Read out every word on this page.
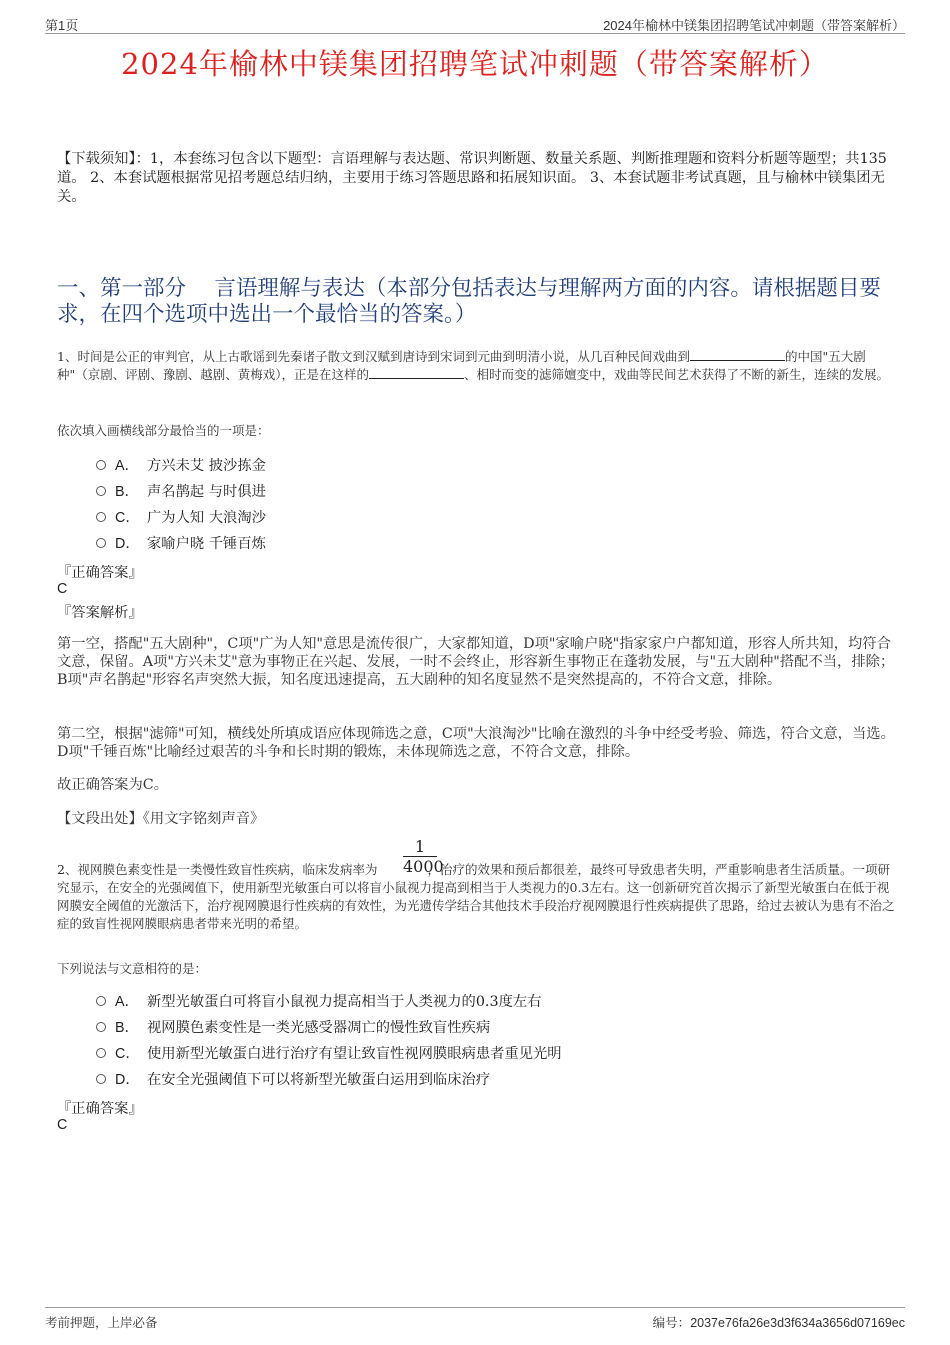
第1页	2024年榆林中镁集团招聘笔试冲刺题（带答案解析）
2024年榆林中镁集团招聘笔试冲刺题（带答案解析）
【下载须知】：1，本套练习包含以下题型：言语理解与表达题、常识判断题、数量关系题、判断推理题和资料分析题等题型；共135道。 2、本套试题根据常见招考题总结归纳，主要用于练习答题思路和拓展知识面。 3、本套试题非考试真题，且与榆林中镁集团无关。
一、第一部分　 言语理解与表达（本部分包括表达与理解两方面的内容。请根据题目要求，在四个选项中选出一个最恰当的答案。）
1、时间是公正的审判官，从上古歌谣到先秦诸子散文到汉赋到唐诗到宋词到元曲到明清小说，从几百种民间戏曲到	的中国"五大剧种"（京剧、评剧、豫剧、越剧、黄梅戏），正是在这样的	、相时而变的滤筛嬗变中，戏曲等民间艺术获得了不断的新生，连续的发展。
依次填入画横线部分最恰当的一项是：
A． 方兴未艾 披沙拣金
B． 声名鹊起 与时俱进
C． 广为人知 大浪淘沙
D． 家喻户晓 千锤百炼
『正确答案』
C
『答案解析』
第一空，搭配"五大剧种"，C项"广为人知"意思是流传很广，大家都知道，D项"家喻户晓"指家家户户都知道，形容人所共知，均符合文意，保留。A项"方兴未艾"意为事物正在兴起、发展，一时不会终止，形容新生事物正在蓬勃发展，与"五大剧种"搭配不当，排除；B项"声名鹊起"形容名声突然大振，知名度迅速提高，五大剧种的知名度显然不是突然提高的，不符合文意，排除。
第二空，根据"滤筛"可知，横线处所填成语应体现筛选之意，C项"大浪淘沙"比喻在激烈的斗争中经受考验、筛选，符合文意，当选。D项"千锤百炼"比喻经过艰苦的斗争和长时期的锻炼，未体现筛选之意，不符合文意，排除。
故正确答案为C。
【文段出处】《用文字铭刻声音》
$\frac{1}{4000}$
2、视网膜色素变性是一类慢性致盲性疾病，临床发病率为	，治疗的效果和预后都很差，最终可导致患者失明，严重影响患者生活质量。一项研究显示，在安全的光强阈值下，使用新型光敏蛋白可以将盲小鼠视力提高到相当于人类视力的0.3左右。这一创新研究首次揭示了新型光敏蛋白在低于视网膜安全阈值的光激活下，治疗视网膜退行性疾病的有效性，为光遗传学结合其他技术手段治疗视网膜退行性疾病提供了思路，给过去被认为患有不治之症的致盲性视网膜眼病患者带来光明的希望。
下列说法与文意相符的是：
A． 新型光敏蛋白可将盲小鼠视力提高相当于人类视力的0.3度左右
B． 视网膜色素变性是一类光感受器凋亡的慢性致盲性疾病
C． 使用新型光敏蛋白进行治疗有望让致盲性视网膜眼病患者重见光明
D． 在安全光强阈值下可以将新型光敏蛋白运用到临床治疗
『正确答案』
C
考前押题，上岸必备	编号：2037e76fa26e3d3f634a3656d07169ec
